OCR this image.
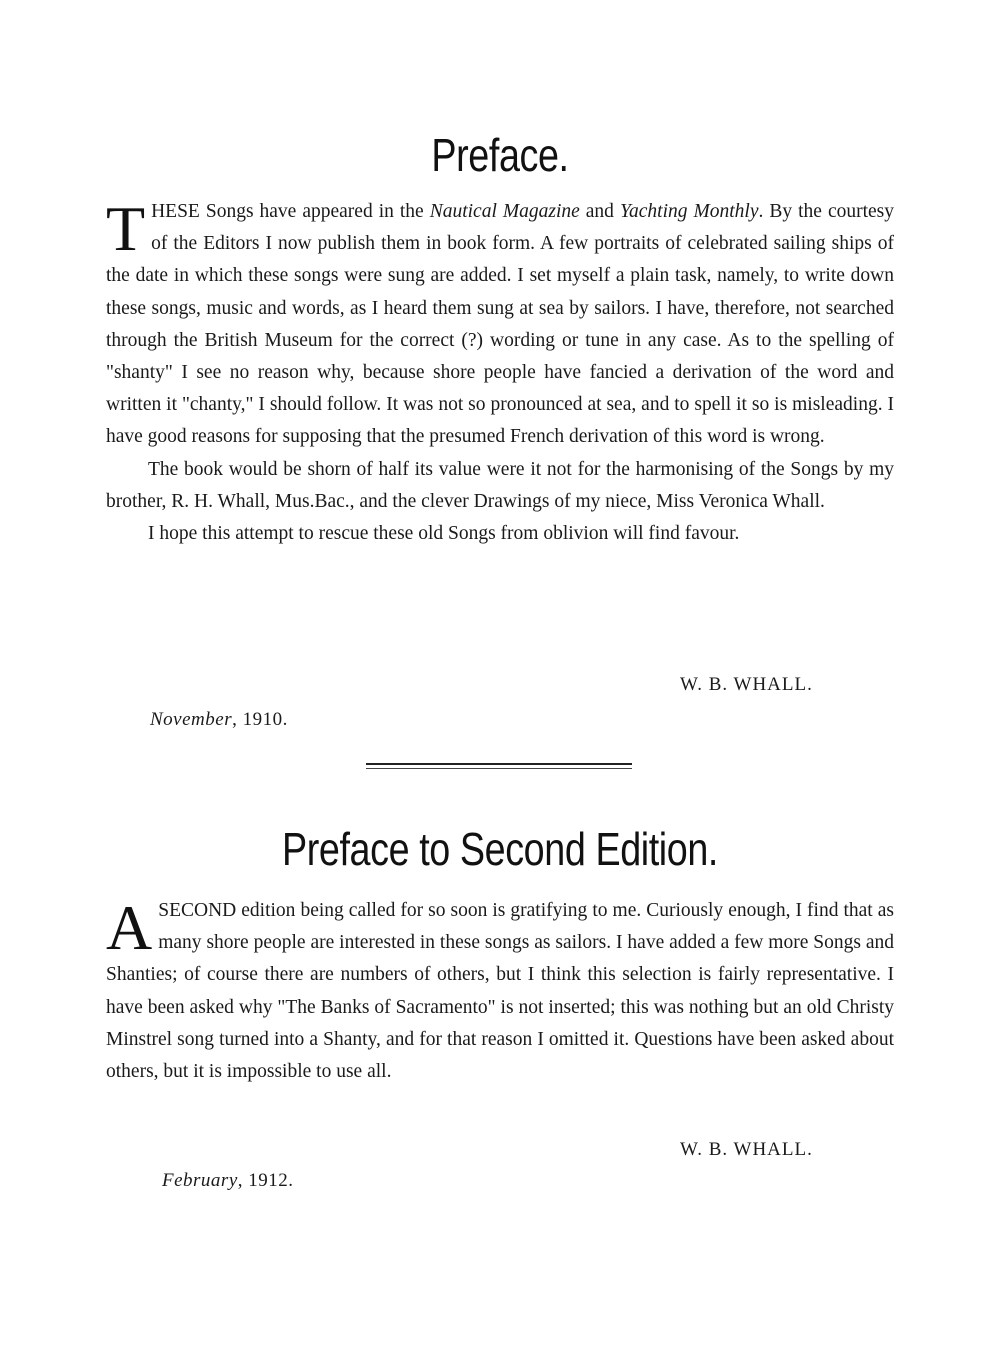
Preface.

THESE Songs have appeared in the Nautical Magazine and Yachting Monthly. By the courtesy of the Editors I now publish them in book form. A few portraits of celebrated sailing ships of the date in which these songs were sung are added. I set myself a plain task, namely, to write down these songs, music and words, as I heard them sung at sea by sailors. I have, therefore, not searched through the British Museum for the correct (?) wording or tune in any case. As to the spelling of "shanty" I see no reason why, because shore people have fancied a derivation of the word and written it "chanty," I should follow. It was not so pronounced at sea, and to spell it so is misleading. I have good reasons for supposing that the presumed French derivation of this word is wrong.

The book would be shorn of half its value were it not for the harmonising of the Songs by my brother, R. H. Whall, Mus.Bac., and the clever Drawings of my niece, Miss Veronica Whall.

I hope this attempt to rescue these old Songs from oblivion will find favour.

W. B. WHALL.

November, 1910.

Preface to Second Edition.

ASECOND edition being called for so soon is gratifying to me. Curiously enough, I find that as many shore people are interested in these songs as sailors. I have added a few more Songs and Shanties; of course there are numbers of others, but I think this selection is fairly representative. I have been asked why "The Banks of Sacramento" is not inserted; this was nothing but an old Christy Minstrel song turned into a Shanty, and for that reason I omitted it. Questions have been asked about others, but it is impossible to use all.

W. B. WHALL.

February, 1912.
